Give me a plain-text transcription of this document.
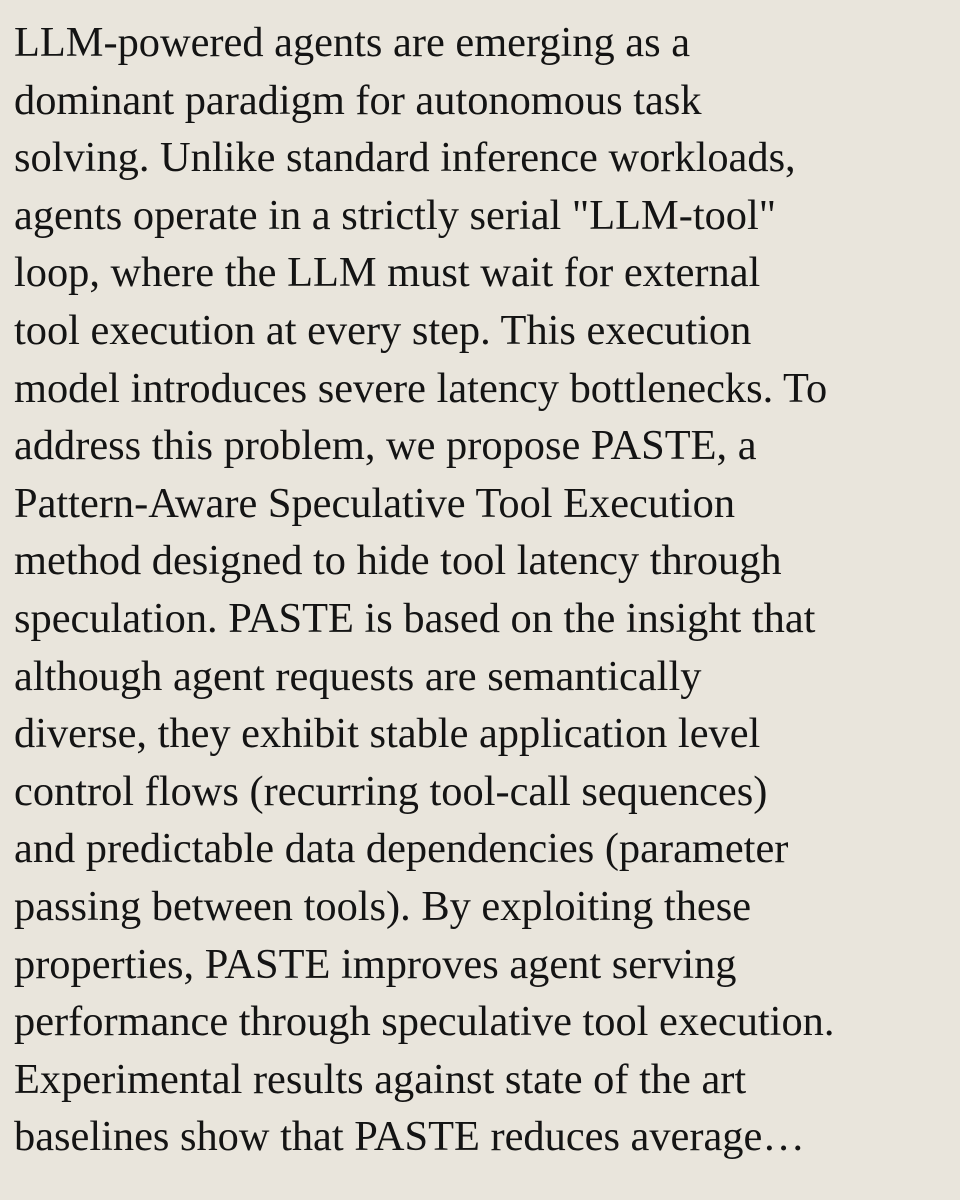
LLM-powered agents are emerging as a
dominant paradigm for autonomous task
solving. Unlike standard inference workloads,
agents operate in a strictly serial "LLM-tool"
loop, where the LLM must wait for external
tool execution at every step. This execution
model introduces severe latency bottlenecks. To
address this problem, we propose PASTE, a
Pattern-Aware Speculative Tool Execution
method designed to hide tool latency through
speculation. PASTE is based on the insight that
although agent requests are semantically
diverse, they exhibit stable application level
control flows (recurring tool-call sequences)
and predictable data dependencies (parameter
passing between tools). By exploiting these
properties, PASTE improves agent serving
performance through speculative tool execution.
Experimental results against state of the art
baselines show that PASTE reduces average…
